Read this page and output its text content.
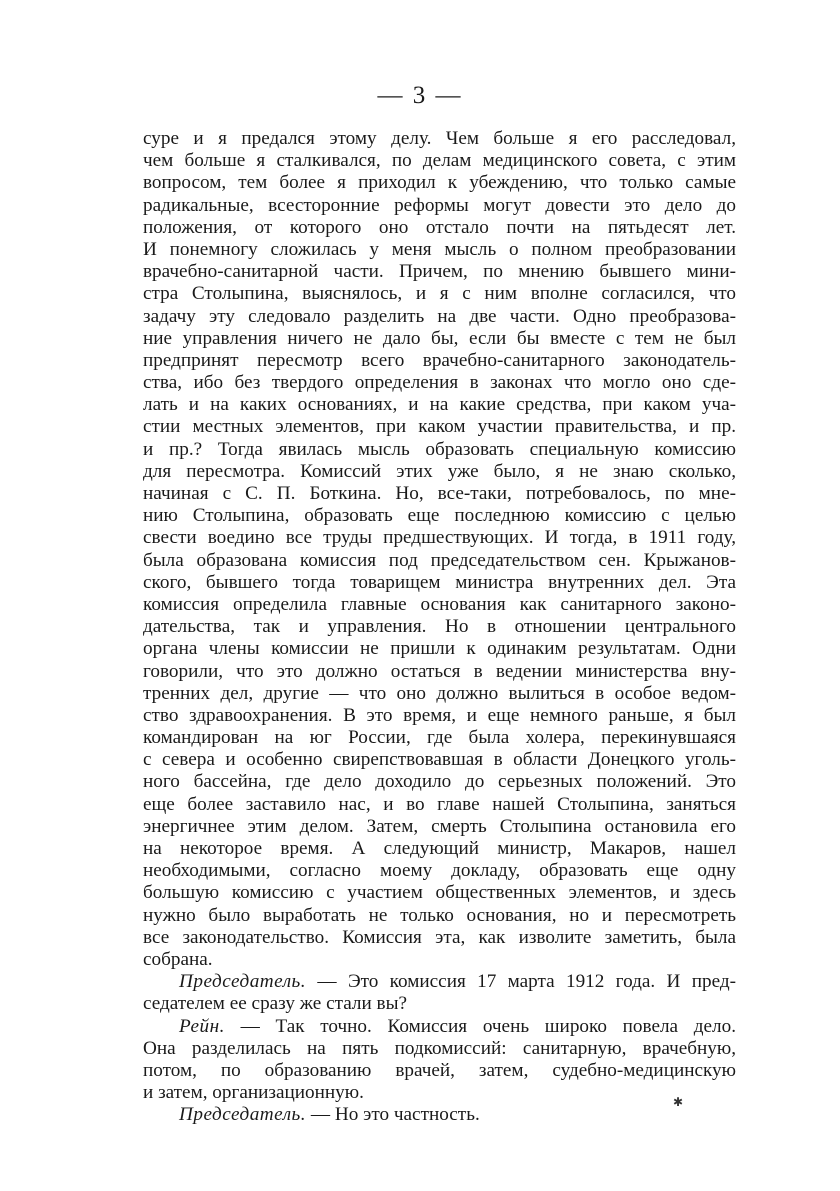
— 3 —

суре и я предался этому делу. Чем больше я его расследовал,
чем больше я сталкивался, по делам медицинского совета, с этим
вопросом, тем более я приходил к убеждению, что только самые
радикальные, всесторонние реформы могут довести это дело до
положения, от которого оно отстало почти на пятьдесят лет.
И понемногу сложилась у меня мысль о полном преобразовании
врачебно-санитарной части. Причем, по мнению бывшего мини-
стра Столыпина, выяснялось, и я с ним вполне согласился, что
задачу эту следовало разделить на две части. Одно преобразова-
ние управления ничего не дало бы, если бы вместе с тем не был
предпринят пересмотр всего врачебно-санитарного законодатель-
ства, ибо без твердого определения в законах что могло оно сде-
лать и на каких основаниях, и на какие средства, при каком уча-
стии местных элементов, при каком участии правительства, и пр.
и пр.? Тогда явилась мысль образовать специальную комиссию
для пересмотра. Комиссий этих уже было, я не знаю сколько,
начиная с С. П. Боткина. Но, все-таки, потребовалось, по мне-
нию Столыпина, образовать еще последнюю комиссию с целью
свести воедино все труды предшествующих. И тогда, в 1911 году,
была образована комиссия под председательством сен. Крыжанов-
ского, бывшего тогда товарищем министра внутренних дел. Эта
комиссия определила главные основания как санитарного законо-
дательства, так и управления. Но в отношении центрального
органа члены комиссии не пришли к одинаким результатам. Одни
говорили, что это должно остаться в ведении министерства вну-
тренних дел, другие — что оно должно вылиться в особое ведом-
ство здравоохранения. В это время, и еще немного раньше, я был
командирован на юг России, где была холера, перекинувшаяся
с севера и особенно свирепствовавшая в области Донецкого уголь-
ного бассейна, где дело доходило до серьезных положений. Это
еще более заставило нас, и во главе нашей Столыпина, заняться
энергичнее этим делом. Затем, смерть Столыпина остановила его
на некоторое время. А следующий министр, Макаров, нашел
необходимыми, согласно моему докладу, образовать еще одну
большую комиссию с участием общественных элементов, и здесь
нужно было выработать не только основания, но и пересмотреть
все законодательство. Комиссия эта, как изволите заметить, была
собрана.

Председатель. — Это комиссия 17 марта 1912 года. И пред-
седателем ее сразу же стали вы?

Рейн. — Так точно. Комиссия очень широко повела дело.
Она разделилась на пять подкомиссий: санитарную, врачебную,
потом, по образованию врачей, затем, судебно-медицинскую
и затем, организационную.

Председатель. — Но это частность.

✱
